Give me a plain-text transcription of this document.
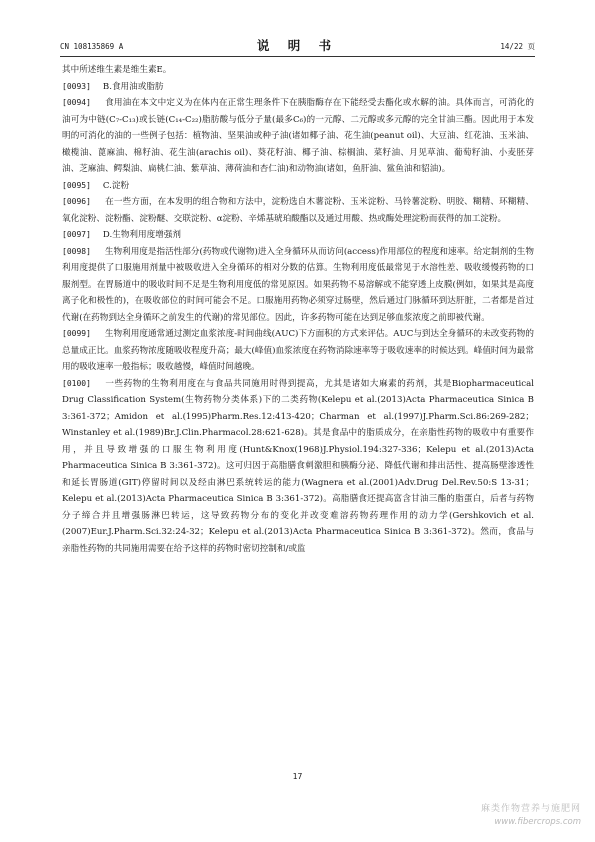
CN 108135869 A	说 明 书	14/22 页

其中所述维生素是维生素E。

[0093] B.食用油或脂肪

[0094] 食用油在本文中定义为在体内在正常生理条件下在胰脂酶存在下能经受去酯化或水解的油。具体而言，可消化的油可为中链(C₇-C₁₃)或长链(C₁₄-C₂₂)脂肪酸与低分子量(最多C₆)的一元醇、二元醇或多元醇的完全甘油三酯。因此用于本发明的可消化的油的一些例子包括：植物油、坚果油或种子油(诸如椰子油、花生油(peanut oil)、大豆油、红花油、玉米油、橄榄油、蓖麻油、棉籽油、花生油(arachis oil)、葵花籽油、椰子油、棕榈油、菜籽油、月见草油、葡萄籽油、小麦胚芽油、芝麻油、鳄梨油、扁桃仁油、紫草油、薄荷油和杏仁油)和动物油(诸如，鱼肝油、鲨鱼油和貂油)。

[0095] C.淀粉

[0096] 在一些方面，在本发明的组合物和方法中，淀粉选自木薯淀粉、玉米淀粉、马铃薯淀粉、明胶、糊精、环糊精、氧化淀粉、淀粉酯、淀粉醚、交联淀粉、α淀粉、辛烯基琥珀酸酯以及通过用酸、热或酶处理淀粉而获得的加工淀粉。

[0097] D.生物利用度增强剂

[0098] 生物利用度是指活性部分(药物或代谢物)进入全身循环从而访问(access)作用部位的程度和速率。给定制剂的生物利用度提供了口服施用剂量中被吸收进入全身循环的相对分数的估算。生物利用度低最常见于水溶性差、吸收缓慢药物的口服剂型。在胃肠道中的吸收时间不足是生物利用度低的常见原因。如果药物不易溶解或不能穿透上皮膜(例如，如果其是高度离子化和极性的)，在吸收部位的时间可能会不足。口服施用药物必须穿过肠壁，然后通过门脉循环到达肝脏，二者都是首过代谢(在药物到达全身循环之前发生的代谢)的常见部位。因此，许多药物可能在达到足够血浆浓度之前即被代谢。

[0099] 生物利用度通常通过测定血浆浓度-时间曲线(AUC)下方面积的方式来评估。AUC与到达全身循环的未改变药物的总量成正比。血浆药物浓度随吸收程度升高；最大(峰值)血浆浓度在药物消除速率等于吸收速率的时候达到。峰值时间为最常用的吸收速率一般指标；吸收越慢，峰值时间越晚。

[0100] 一些药物的生物利用度在与食品共同施用时得到提高，尤其是诸如大麻素的药剂，其是Biopharmaceutical Drug Classification System(生物药物分类体系)下的二类药物(Kelepu et al.(2013)Acta Pharmaceutica Sinica B 3:361-372；Amidon et al.(1995)Pharm.Res.12:413-420；Charman et al.(1997)J.Pharm.Sci.86:269-282；Winstanley et al.(1989)Br.J.Clin.Pharmacol.28:621-628)。其是食品中的脂质成分，在亲脂性药物的吸收中有重要作用，并且导致增强的口服生物利用度(Hunt&Knox(1968)J.Physiol.194:327-336；Kelepu et al.(2013)Acta Pharmaceutica Sinica B 3:361-372)。这可归因于高脂膳食刺激胆和胰酶分泌、降低代谢和排出活性、提高肠壁渗透性和延长胃肠道(GIT)停留时间以及经由淋巴系统转运的能力(Wagnera et al.(2001)Adv.Drug Del.Rev.50:S 13-31；Kelepu et al.(2013)Acta Pharmaceutica Sinica B 3:361-372)。高脂膳食还提高富含甘油三酯的脂蛋白，后者与药物分子缔合并且增强肠淋巴转运，这导致药物分布的变化并改变难溶药物药理作用的动力学(Gershkovich et al.(2007)Eur.J.Pharm.Sci.32:24-32；Kelepu et al.(2013)Acta Pharmaceutica Sinica B 3:361-372)。然而，食品与亲脂性药物的共同施用需要在给予这样的药物时密切控制和/或监

17
麻类作物营养与施肥网
www.fibercrops.com
